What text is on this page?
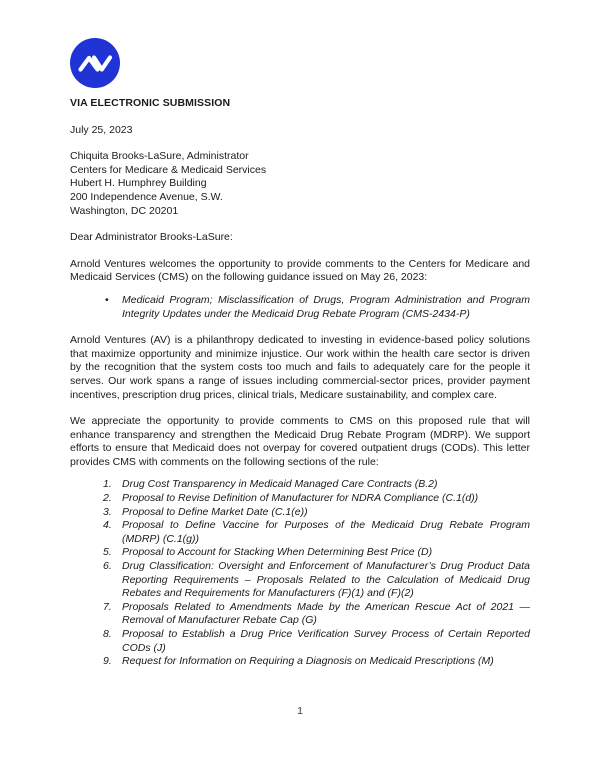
VIA ELECTRONIC SUBMISSION
July 25, 2023
Chiquita Brooks-LaSure, Administrator
Centers for Medicare & Medicaid Services
Hubert H. Humphrey Building
200 Independence Avenue, S.W.
Washington, DC 20201
Dear Administrator Brooks-LaSure:

Arnold Ventures welcomes the opportunity to provide comments to the Centers for Medicare and Medicaid Services (CMS) on the following guidance issued on May 26, 2023:

• Medicaid Program; Misclassification of Drugs, Program Administration and Program Integrity Updates under the Medicaid Drug Rebate Program (CMS-2434-P)

Arnold Ventures (AV) is a philanthropy dedicated to investing in evidence-based policy solutions that maximize opportunity and minimize injustice. Our work within the health care sector is driven by the recognition that the system costs too much and fails to adequately care for the people it serves. Our work spans a range of issues including commercial-sector prices, provider payment incentives, prescription drug prices, clinical trials, Medicare sustainability, and complex care.

We appreciate the opportunity to provide comments to CMS on this proposed rule that will enhance transparency and strengthen the Medicaid Drug Rebate Program (MDRP). We support efforts to ensure that Medicaid does not overpay for covered outpatient drugs (CODs). This letter provides CMS with comments on the following sections of the rule:

Drug Cost Transparency in Medicaid Managed Care Contracts (B.2)
Proposal to Revise Definition of Manufacturer for NDRA Compliance (C.1(d))
Proposal to Define Market Date (C.1(e))
Proposal to Define Vaccine for Purposes of the Medicaid Drug Rebate Program (MDRP) (C.1(g))
Proposal to Account for Stacking When Determining Best Price (D)
Drug Classification: Oversight and Enforcement of Manufacturer’s Drug Product Data Reporting Requirements – Proposals Related to the Calculation of Medicaid Drug Rebates and Requirements for Manufacturers (F)(1) and (F)(2)
Proposals Related to Amendments Made by the American Rescue Act of 2021 — Removal of Manufacturer Rebate Cap (G)
Proposal to Establish a Drug Price Verification Survey Process of Certain Reported CODs (J)
Request for Information on Requiring a Diagnosis on Medicaid Prescriptions (M)
1
